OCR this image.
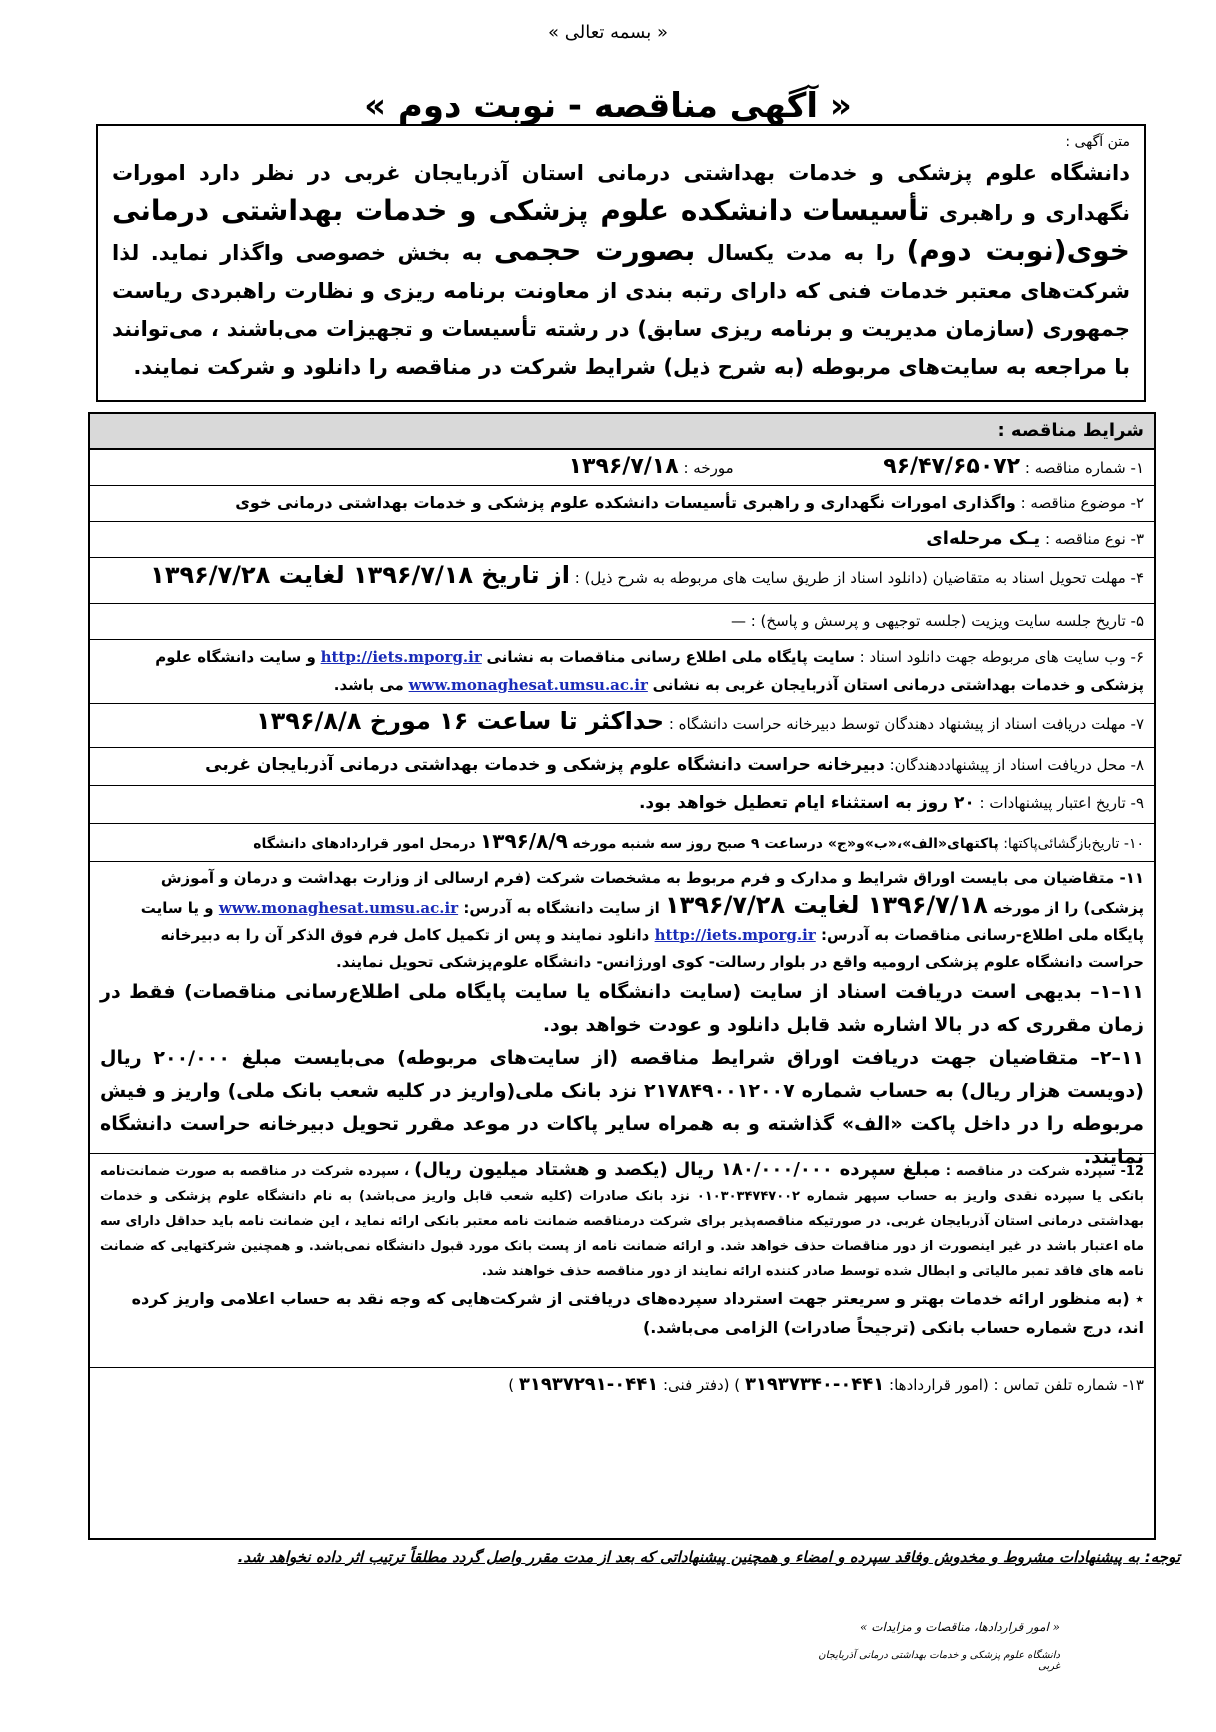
« بسمه تعالی »
« آگهی مناقصه - نوبت دوم »
متن آگهی :
دانشگاه علوم پزشکی و خدمات بهداشتی درمانی استان آذربایجان غربی در نظر دارد امورات نگهداری و راهبری تأسیسات دانشکده علوم پزشکی و خدمات بهداشتی درمانی خوی(نوبت دوم) را به مدت یکسال بصورت حجمی به بخش خصوصی واگذار نماید. لذا شرکت‌های معتبر خدمات فنی که دارای رتبه بندی از معاونت برنامه ریزی و نظارت راهبردی ریاست جمهوری (سازمان مدیریت و برنامه ریزی سابق) در رشته تأسیسات و تجهیزات می‌باشند ، می‌توانند با مراجعه به سایت‌های مربوطه (به شرح ذیل) شرایط شرکت در مناقصه را دانلود و شرکت نمایند.
شرایط مناقصه :
۱- شماره مناقصه : ۹۶/۴۷/۶۵۰۷۲  مورخه : ۱۳۹۶/۷/۱۸
۲- موضوع مناقصه : واگذاری امورات نگهداری و راهبری تأسیسات دانشکده علوم پزشکی و خدمات بهداشتی درمانی خوی
۳- نوع مناقصه : یـک مرحله‌ای
۴- مهلت تحویل اسناد به متقاضیان (دانلود اسناد از طریق سایت های مربوطه به شرح ذیل) : از تاریخ ۱۳۹۶/۷/۱۸ لغایت ۱۳۹۶/۷/۲۸
۵- تاریخ جلسه سایت ویزیت (جلسه توجیهی و پرسش و پاسخ) : —
۶- وب سایت های مربوطه جهت دانلود اسناد : سایت پایگاه ملی اطلاع رسانی مناقصات به نشانی http://iets.mporg.ir و سایت دانشگاه علوم پزشکی و خدمات بهداشتی درمانی استان آذربایجان غربی به نشانی www.monaghesat.umsu.ac.ir می باشد.
۷- مهلت دریافت اسناد از پیشنهاد دهندگان توسط دبیرخانه حراست دانشگاه : حداکثر تا ساعت ۱۶ مورخ ۱۳۹۶/۸/۸
۸- محل دریافت اسناد از پیشنهاددهندگان: دبیرخانه حراست دانشگاه علوم پزشکی و خدمات بهداشتی درمانی آذربایجان غربی
۹- تاریخ اعتبار پیشنهادات : ۲۰ روز به استثناء ایام تعطیل خواهد بود.
۱۰- تاریخ‌بازگشائی‌پاکتها: پاکتهای«الف»،«ب»و«ج» درساعت ۹ صبح روز سه شنبه مورخه ۱۳۹۶/۸/۹ درمحل امور قراردادهای دانشگاه
۱۱- متقاضیان می بایست اوراق شرایط و مدارک و فرم مربوط به مشخصات شرکت (فرم ارسالی از وزارت بهداشت و درمان و آموزش پزشکی) را از مورخه ۱۳۹۶/۷/۱۸ لغایت ۱۳۹۶/۷/۲۸ از سایت دانشگاه به آدرس: www.monaghesat.umsu.ac.ir و یا سایت پایگاه ملی اطلاع-رسانی مناقصات به آدرس: http://iets.mporg.ir دانلود نمایند و پس از تکمیل کامل فرم فوق الذکر آن را به دبیرخانه حراست دانشگاه علوم پزشکی ارومیه واقع در بلوار رسالت- کوی اورژانس- دانشگاه علوم‌پزشکی تحویل نمایند.
۱۱–۱– بدیهی است دریافت اسناد از سایت (سایت دانشگاه یا سایت پایگاه ملی اطلاع‌رسانی مناقصات) فقط در زمان مقرری که در بالا اشاره شد قابل دانلود و عودت خواهد بود.
۱۱–۲– متقاضیان جهت دریافت اوراق شرایط مناقصه (از سایت‌های مربوطه) می‌بایست مبلغ ۲۰۰/۰۰۰ ریال (دویست هزار ریال) به حساب شماره ۲۱۷۸۴۹۰۰۱۲۰۰۷ نزد بانک ملی(واریز در کلیه شعب بانک ملی) واریز و فیش مربوطه را در داخل پاکت «الف» گذاشته و به همراه سایر پاکات در موعد مقرر تحویل دبیرخانه حراست دانشگاه نمایند.
12- سپرده شرکت در مناقصه : مبلغ سپرده ۱۸۰/۰۰۰/۰۰۰ ریال (یکصد و هشتاد میلیون ریال) ، سپرده شرکت در مناقصه به صورت ضمانت‌نامه بانکی یا سپرده نقدی واریز به حساب سپهر شماره ۰۱۰۳۰۳۴۷۴۷۰۰۲ نزد بانک صادرات (کلیه شعب قابل واریز می‌باشد) به نام دانشگاه علوم پزشکی و خدمات بهداشتی درمانی استان آذربایجان غربی. در صورتیکه مناقصه‌پذیر برای شرکت درمناقصه ضمانت نامه معتبر بانکی ارائه نماید ، این ضمانت نامه باید حداقل دارای سه ماه اعتبار باشد در غیر اینصورت از دور مناقصات حذف خواهد شد. و ارائه ضمانت نامه از پست بانک مورد قبول دانشگاه نمی‌باشد. و همچنین شرکتهایی که ضمانت نامه های فاقد تمبر مالیاتی و ابطال شده توسط صادر کننده ارائه نمایند از دور مناقصه حذف خواهند شد.
٭ (به منظور ارائه خدمات بهتر و سریعتر جهت استرداد سپرده‌های دریافتی از شرکت‌هایی که وجه نقد به حساب اعلامی واریز کرده اند، درج شماره حساب بانکی (ترجیحاً صادرات) الزامی می‌باشد.)
۱۳- شماره تلفن تماس : (امور قراردادها: ۰۴۴۱-۳۱۹۳۷۳۴۰ ) (دفتر فنی: ۰۴۴۱-۳۱۹۳۷۲۹۱ )
توجه: به پیشنهادات مشروط و مخدوش وفاقد سپرده و امضاء و همچنین پیشنهاداتی که بعد از مدت مقرر واصل گردد مطلقاً ترتیب اثر داده نخواهد شد.
« امور قراردادها، مناقصات و مزایدات »
دانشگاه علوم پزشکی و خدمات بهداشتی درمانی آذربایجان غربی
